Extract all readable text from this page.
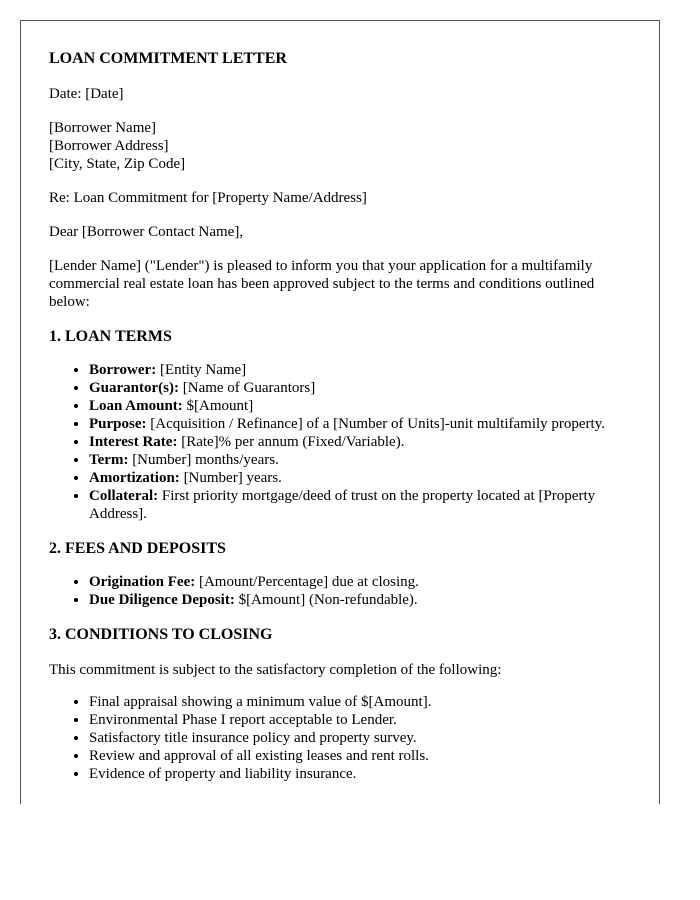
LOAN COMMITMENT LETTER

Date: [Date]

[Borrower Name]
[Borrower Address]
[City, State, Zip Code]

Re: Loan Commitment for [Property Name/Address]

Dear [Borrower Contact Name],

[Lender Name] ("Lender") is pleased to inform you that your application for a multifamily commercial real estate loan has been approved subject to the terms and conditions outlined below:

1. LOAN TERMS
• Borrower: [Entity Name]
• Guarantor(s): [Name of Guarantors]
• Loan Amount: $[Amount]
• Purpose: [Acquisition / Refinance] of a [Number of Units]-unit multifamily property.
• Interest Rate: [Rate]% per annum (Fixed/Variable).
• Term: [Number] months/years.
• Amortization: [Number] years.
• Collateral: First priority mortgage/deed of trust on the property located at [Property Address].
2. FEES AND DEPOSITS
• Origination Fee: [Amount/Percentage] due at closing.
• Due Diligence Deposit: $[Amount] (Non-refundable).
3. CONDITIONS TO CLOSING

This commitment is subject to the satisfactory completion of the following:

• Final appraisal showing a minimum value of $[Amount].
• Environmental Phase I report acceptable to Lender.
• Satisfactory title insurance policy and property survey.
• Review and approval of all existing leases and rent rolls.
• Evidence of property and liability insurance.
